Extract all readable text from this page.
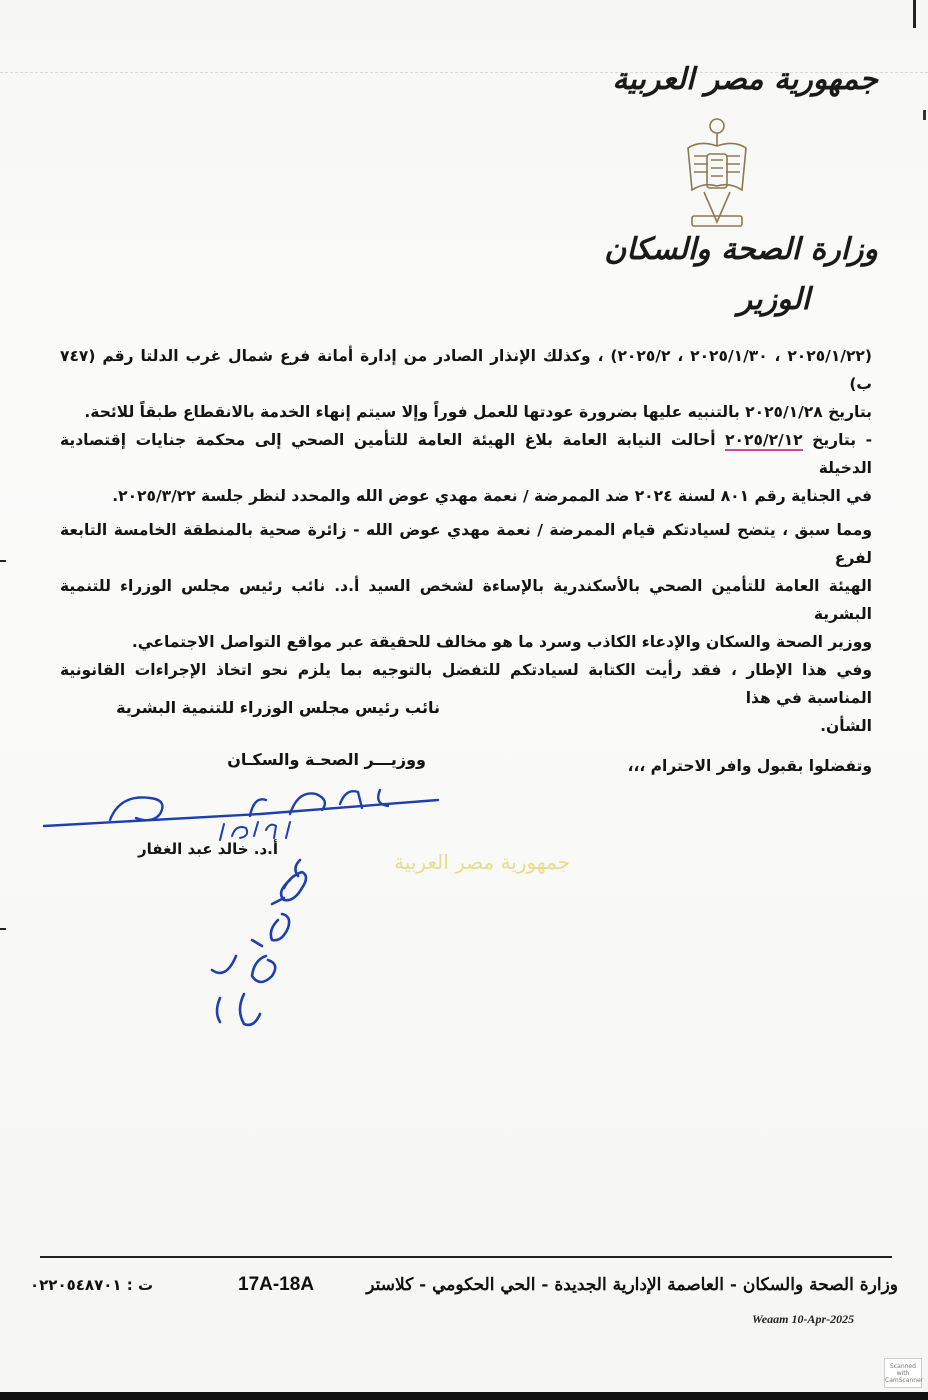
جمهورية مصر العربية
جمهورية مصر العربية
وزارة الصحة والسكان
الوزير

(٢٠٢٥/١/٢٢ ، ٢٠٢٥/١/٣٠ ، ٢٠٢٥/٢) ، وكذلك الإنذار الصادر من إدارة أمانة فرع شمال غرب الدلتا رقم (٧٤٧ ب)

بتاريخ ٢٠٢٥/١/٢٨ بالتنبيه عليها بضرورة عودتها للعمل فوراً وإلا سيتم إنهاء الخدمة بالانقطاع طبقاً للائحة.

- بتاريخ ٢٠٢٥/٢/١٢ أحالت النيابة العامة بلاغ الهيئة العامة للتأمين الصحي إلى محكمة جنايات إقتصادية الدخيلة

في الجناية رقم ٨٠١ لسنة ٢٠٢٤ ضد الممرضة / نعمة مهدي عوض الله والمحدد لنظر جلسة ٢٠٢٥/٣/٢٢.

ومما سبق ، يتضح لسيادتكم قيام الممرضة / نعمة مهدي عوض الله - زائرة صحية بالمنطقة الخامسة التابعة لفرع

الهيئة العامة للتأمين الصحي بالأسكندرية بالإساءة لشخص السيد أ.د. نائب رئيس مجلس الوزراء للتنمية البشرية

ووزير الصحة والسكان والإدعاء الكاذب وسرد ما هو مخالف للحقيقة عبر مواقع التواصل الاجتماعي.

وفي هذا الإطار ، فقد رأيت الكتابة لسيادتكم للتفضل بالتوجيه بما يلزم نحو اتخاذ الإجراءات القانونية المناسبة في هذا

الشأن.

وتفضلوا بقبول وافر الاحترام ،،،

نائب رئيس مجلس الوزراء للتنمية البشرية
ووزيـــر الصحـة والسكـان
أ.د. خالد عبد الغفار
وزارة الصحة والسكان - العاصمة الإدارية الجديدة - الحي الحكومي - كلاستر
17A-18A
ت : ٠٢٢٠٥٤٨٧٠١
Weaam 10-Apr-2025
Scanned with CamScanner
